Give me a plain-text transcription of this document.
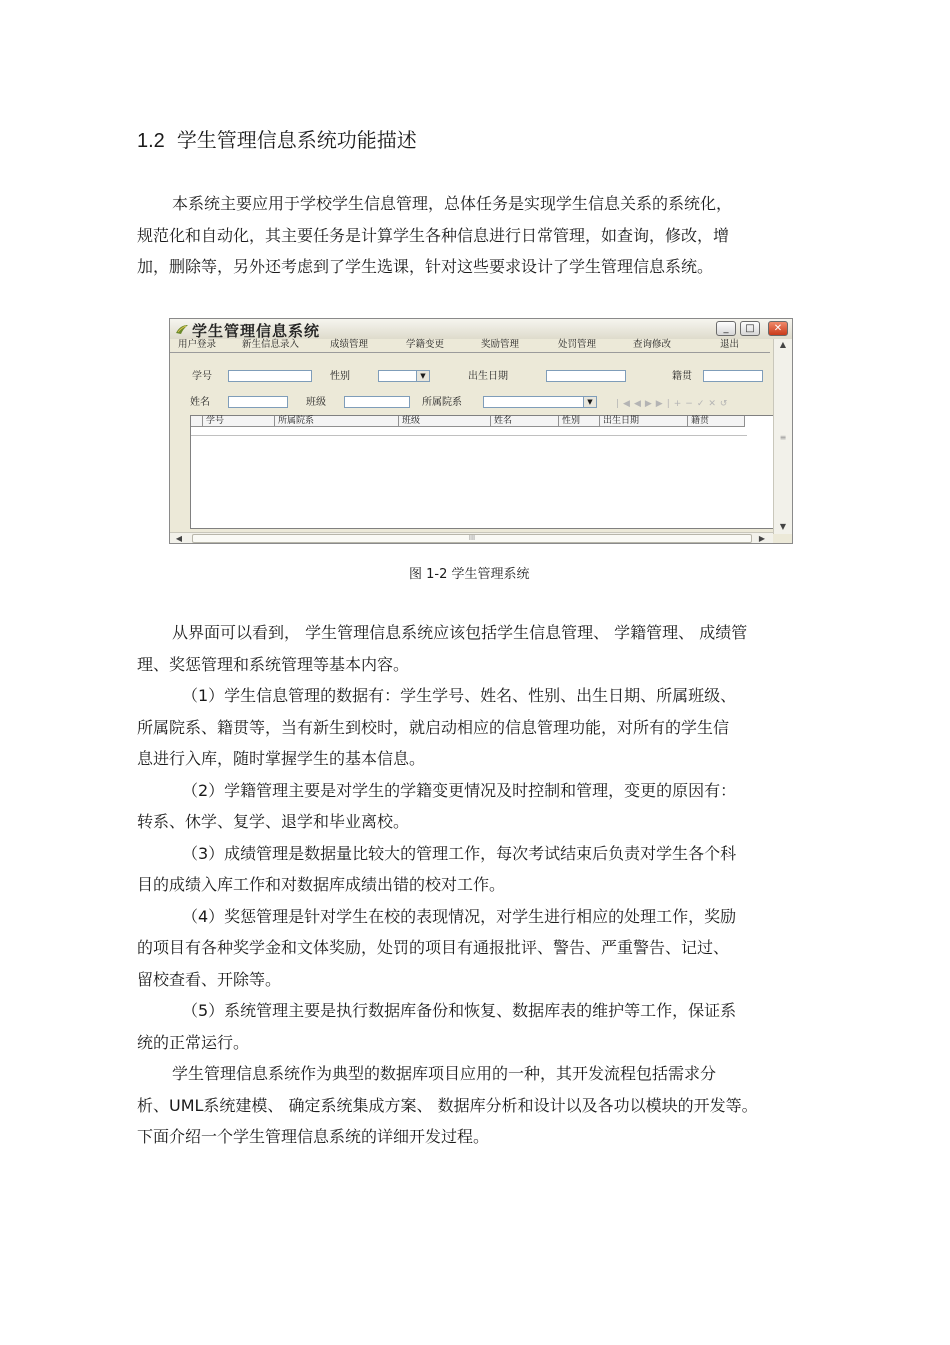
1.2 学生管理信息系统功能描述

本系统主要应用于学校学生信息管理，总体任务是实现学生信息关系的系统化，
规范化和自动化，其主要任务是计算学生各种信息进行日常管理，如查询，修改，增
加，删除等，另外还考虑到了学生选课，针对这些要求设计了学生管理信息系统。

学生管理信息系统	_	□	✕
用户登录	新生信息录入	成绩管理	学籍变更	奖励管理	处罚管理	查询修改	退出
学号	性别	▼	出生日期	籍贯
姓名	班级	所属院系	▼	|◀◀▶▶|+−✓✕↺
学号	所属院系	班级	姓名	性别	出生日期	籍贯
▲
≡
▼
◀	III	▶
图 1-2 学生管理系统

从界面可以看到， 学生管理信息系统应该包括学生信息管理、 学籍管理、 成绩管
理、奖惩管理和系统管理等基本内容。
（1）学生信息管理的数据有：学生学号、姓名、性别、出生日期、所属班级、
所属院系、籍贯等，当有新生到校时，就启动相应的信息管理功能，对所有的学生信
息进行入库，随时掌握学生的基本信息。
（2）学籍管理主要是对学生的学籍变更情况及时控制和管理，变更的原因有：
转系、休学、复学、退学和毕业离校。
（3）成绩管理是数据量比较大的管理工作，每次考试结束后负责对学生各个科
目的成绩入库工作和对数据库成绩出错的校对工作。
（4）奖惩管理是针对学生在校的表现情况，对学生进行相应的处理工作，奖励
的项目有各种奖学金和文体奖励，处罚的项目有通报批评、警告、严重警告、记过、
留校查看、开除等。
（5）系统管理主要是执行数据库备份和恢复、数据库表的维护等工作，保证系
统的正常运行。
学生管理信息系统作为典型的数据库项目应用的一种，其开发流程包括需求分
析、UML系统建模、 确定系统集成方案、 数据库分析和设计以及各功以模块的开发等。
下面介绍一个学生管理信息系统的详细开发过程。
